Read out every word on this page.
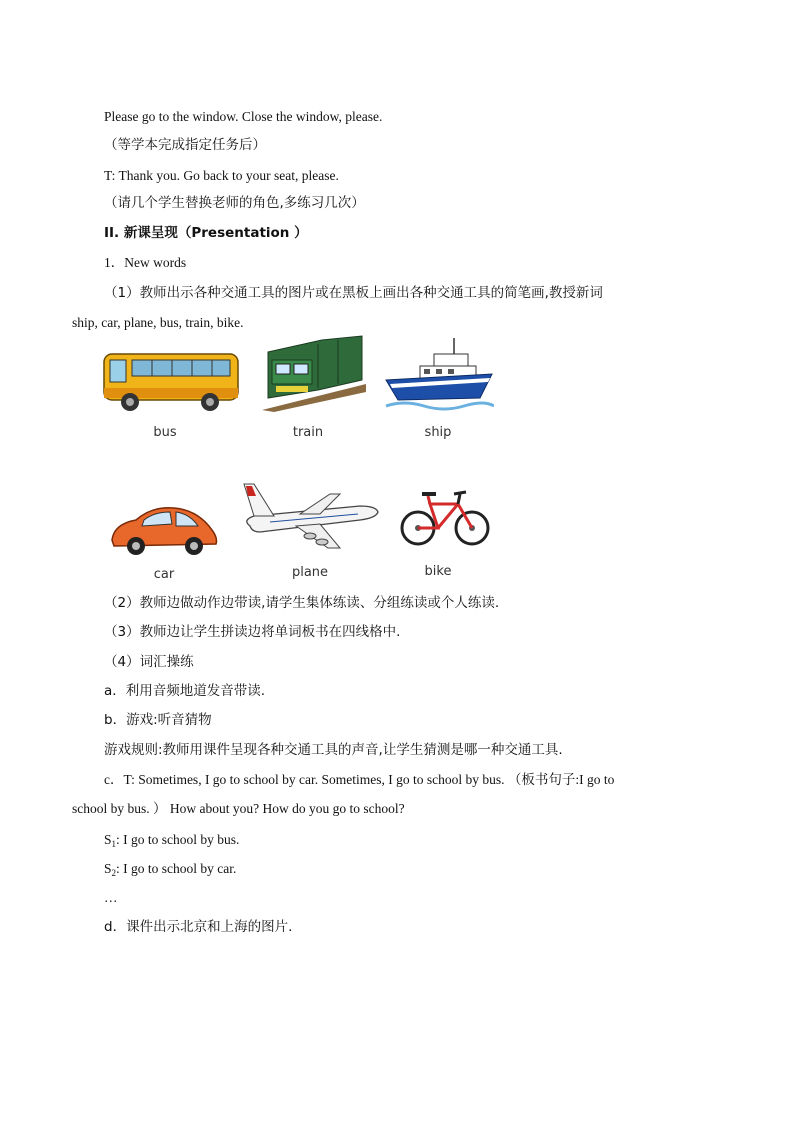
Please go to the window. Close the window, please.
（等学本完成指定任务后）
T: Thank you. Go back to your seat, please.
（请几个学生替换老师的角色,多练习几次）
II. 新课呈现（Presentation ）
1．New words
（1）教师出示各种交通工具的图片或在黑板上画出各种交通工具的简笔画,教授新词
ship, car, plane, bus, train, bike.
bus	train	ship
car	plane	bike
（2）教师边做动作边带读,请学生集体练读、分组练读或个人练读.
（3）教师边让学生拼读边将单词板书在四线格中.
（4）词汇操练
a．利用音频地道发音带读.
b．游戏:听音猜物
游戏规则:教师用课件呈现各种交通工具的声音,让学生猜测是哪一种交通工具.
c．T: Sometimes, I go to school by car. Sometimes, I go to school by bus. （板书句子:I go to
school by bus. ） How about you? How do you go to school?
$S_1$: I go to school by bus.
$S_2$: I go to school by car.
…
d．课件出示北京和上海的图片.
